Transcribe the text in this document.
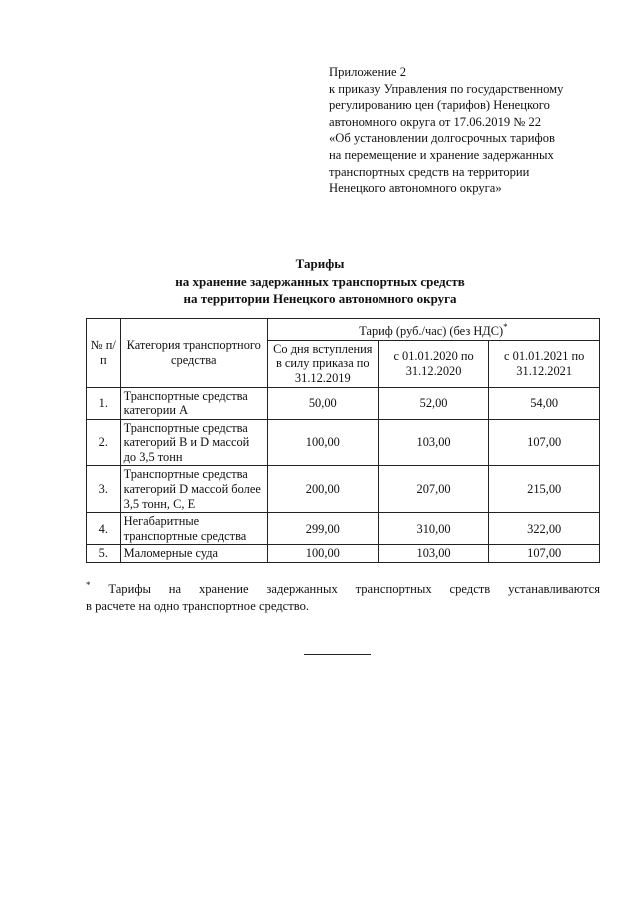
Приложение 2
к приказу Управления по государственному
регулированию цен (тарифов) Ненецкого
автономного округа от 17.06.2019 № 22
«Об установлении долгосрочных тарифов
на перемещение и хранение задержанных
транспортных средств на территории
Ненецкого автономного округа»
Тарифы
на хранение задержанных транспортных средств
на территории Ненецкого автономного округа
№ п/п	Категория транспортного средства	Тариф (руб./час) (без НДС)*
		Со дня вступления в силу приказа по 31.12.2019	с 01.01.2020 по 31.12.2020	с 01.01.2021 по 31.12.2021
1.	Транспортные средства категории А	50,00	52,00	54,00
2.	Транспортные средства категорий B и D массой до 3,5 тонн	100,00	103,00	107,00
3.	Транспортные средства категорий D массой более 3,5 тонн, C, E	200,00	207,00	215,00
4.	Негабаритные транспортные средства	299,00	310,00	322,00
5.	Маломерные суда	100,00	103,00	107,00
* Тарифы на хранение задержанных транспортных средств устанавливаются
в расчете на одно транспортное средство.
